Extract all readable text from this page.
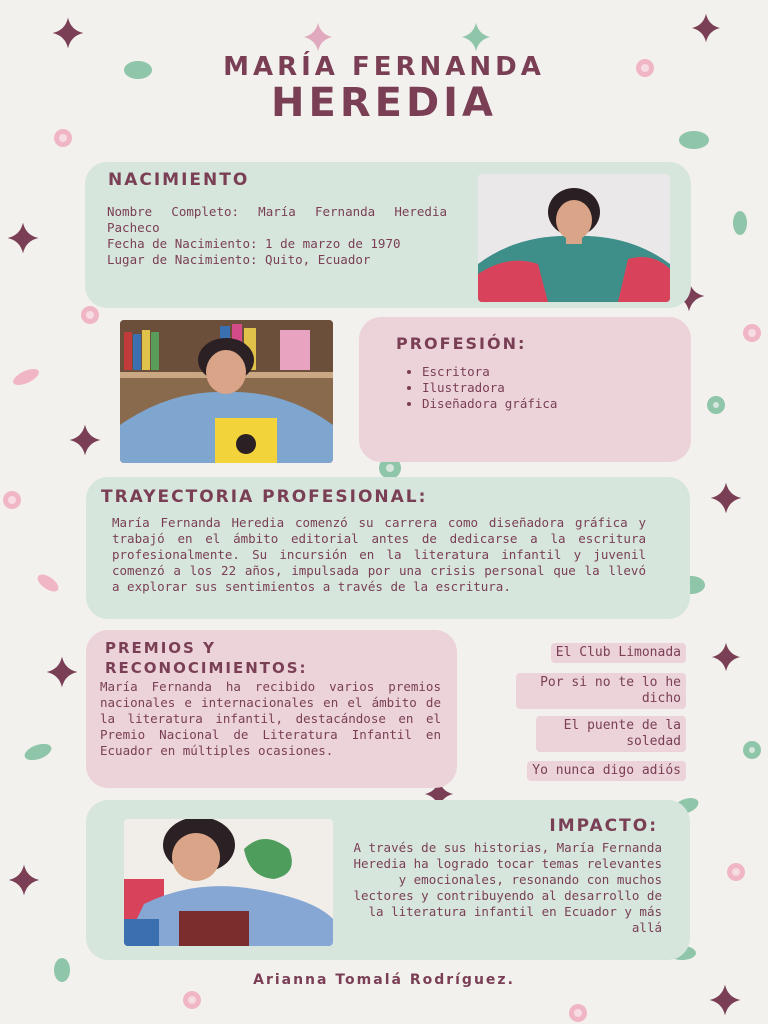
MARÍA FERNANDA
HEREDIA
NACIMIENTO
Nombre Completo: María Fernanda Heredia Pacheco
Fecha de Nacimiento: 1 de marzo de 1970
Lugar de Nacimiento: Quito, Ecuador
PROFESIÓN:
• Escritora
• Ilustradora
• Diseñadora gráfica
TRAYECTORIA PROFESIONAL:
María Fernanda Heredia comenzó su carrera como diseñadora gráfica y trabajó en el ámbito editorial antes de dedicarse a la escritura profesionalmente. Su incursión en la literatura infantil y juvenil comenzó a los 22 años, impulsada por una crisis personal que la llevó a explorar sus sentimientos a través de la escritura.
PREMIOS Y
RECONOCIMIENTOS:
María Fernanda ha recibido varios premios nacionales e internacionales en el ámbito de la literatura infantil, destacándose en el Premio Nacional de Literatura Infantil en Ecuador en múltiples ocasiones.
El Club Limonada
Por si no te lo he dicho
El puente de la soledad
Yo nunca digo adiós
IMPACTO:
A través de sus historias, María Fernanda Heredia ha logrado tocar temas relevantes y emocionales, resonando con muchos lectores y contribuyendo al desarrollo de la literatura infantil en Ecuador y más allá
Arianna Tomalá Rodríguez.
